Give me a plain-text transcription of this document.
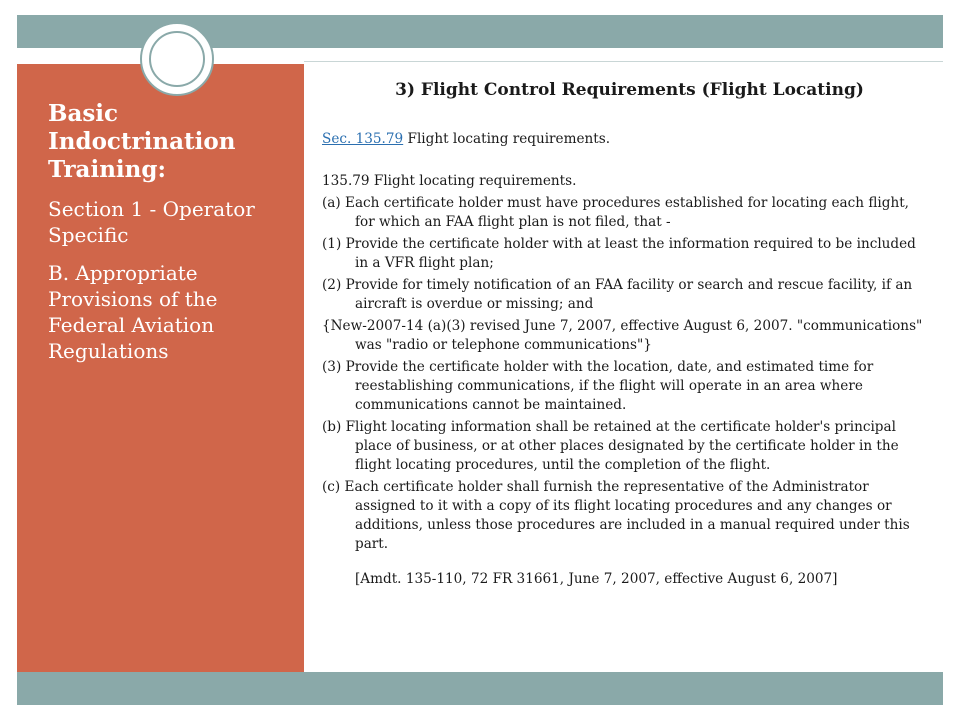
Basic Indoctrination Training:

Section 1 - Operator Specific

B. Appropriate Provisions of the Federal Aviation Regulations

3) Flight Control Requirements (Flight Locating)

Sec. 135.79 Flight locating requirements.

135.79 Flight locating requirements.

(a) Each certificate holder must have procedures established for locating each flight, for which an FAA flight plan is not filed, that -

(1) Provide the certificate holder with at least the information required to be included in a VFR flight plan;

(2) Provide for timely notification of an FAA facility or search and rescue facility, if an aircraft is overdue or missing; and

{New-2007-14 (a)(3) revised June 7, 2007, effective August 6, 2007. "communications" was "radio or telephone communications"}

(3) Provide the certificate holder with the location, date, and estimated time for reestablishing communications, if the flight will operate in an area where communications cannot be maintained.

(b) Flight locating information shall be retained at the certificate holder's principal place of business, or at other places designated by the certificate holder in the flight locating procedures, until the completion of the flight.

(c) Each certificate holder shall furnish the representative of the Administrator assigned to it with a copy of its flight locating procedures and any changes or additions, unless those procedures are included in a manual required under this part.

[Amdt. 135-110, 72 FR 31661, June 7, 2007, effective August 6, 2007]
